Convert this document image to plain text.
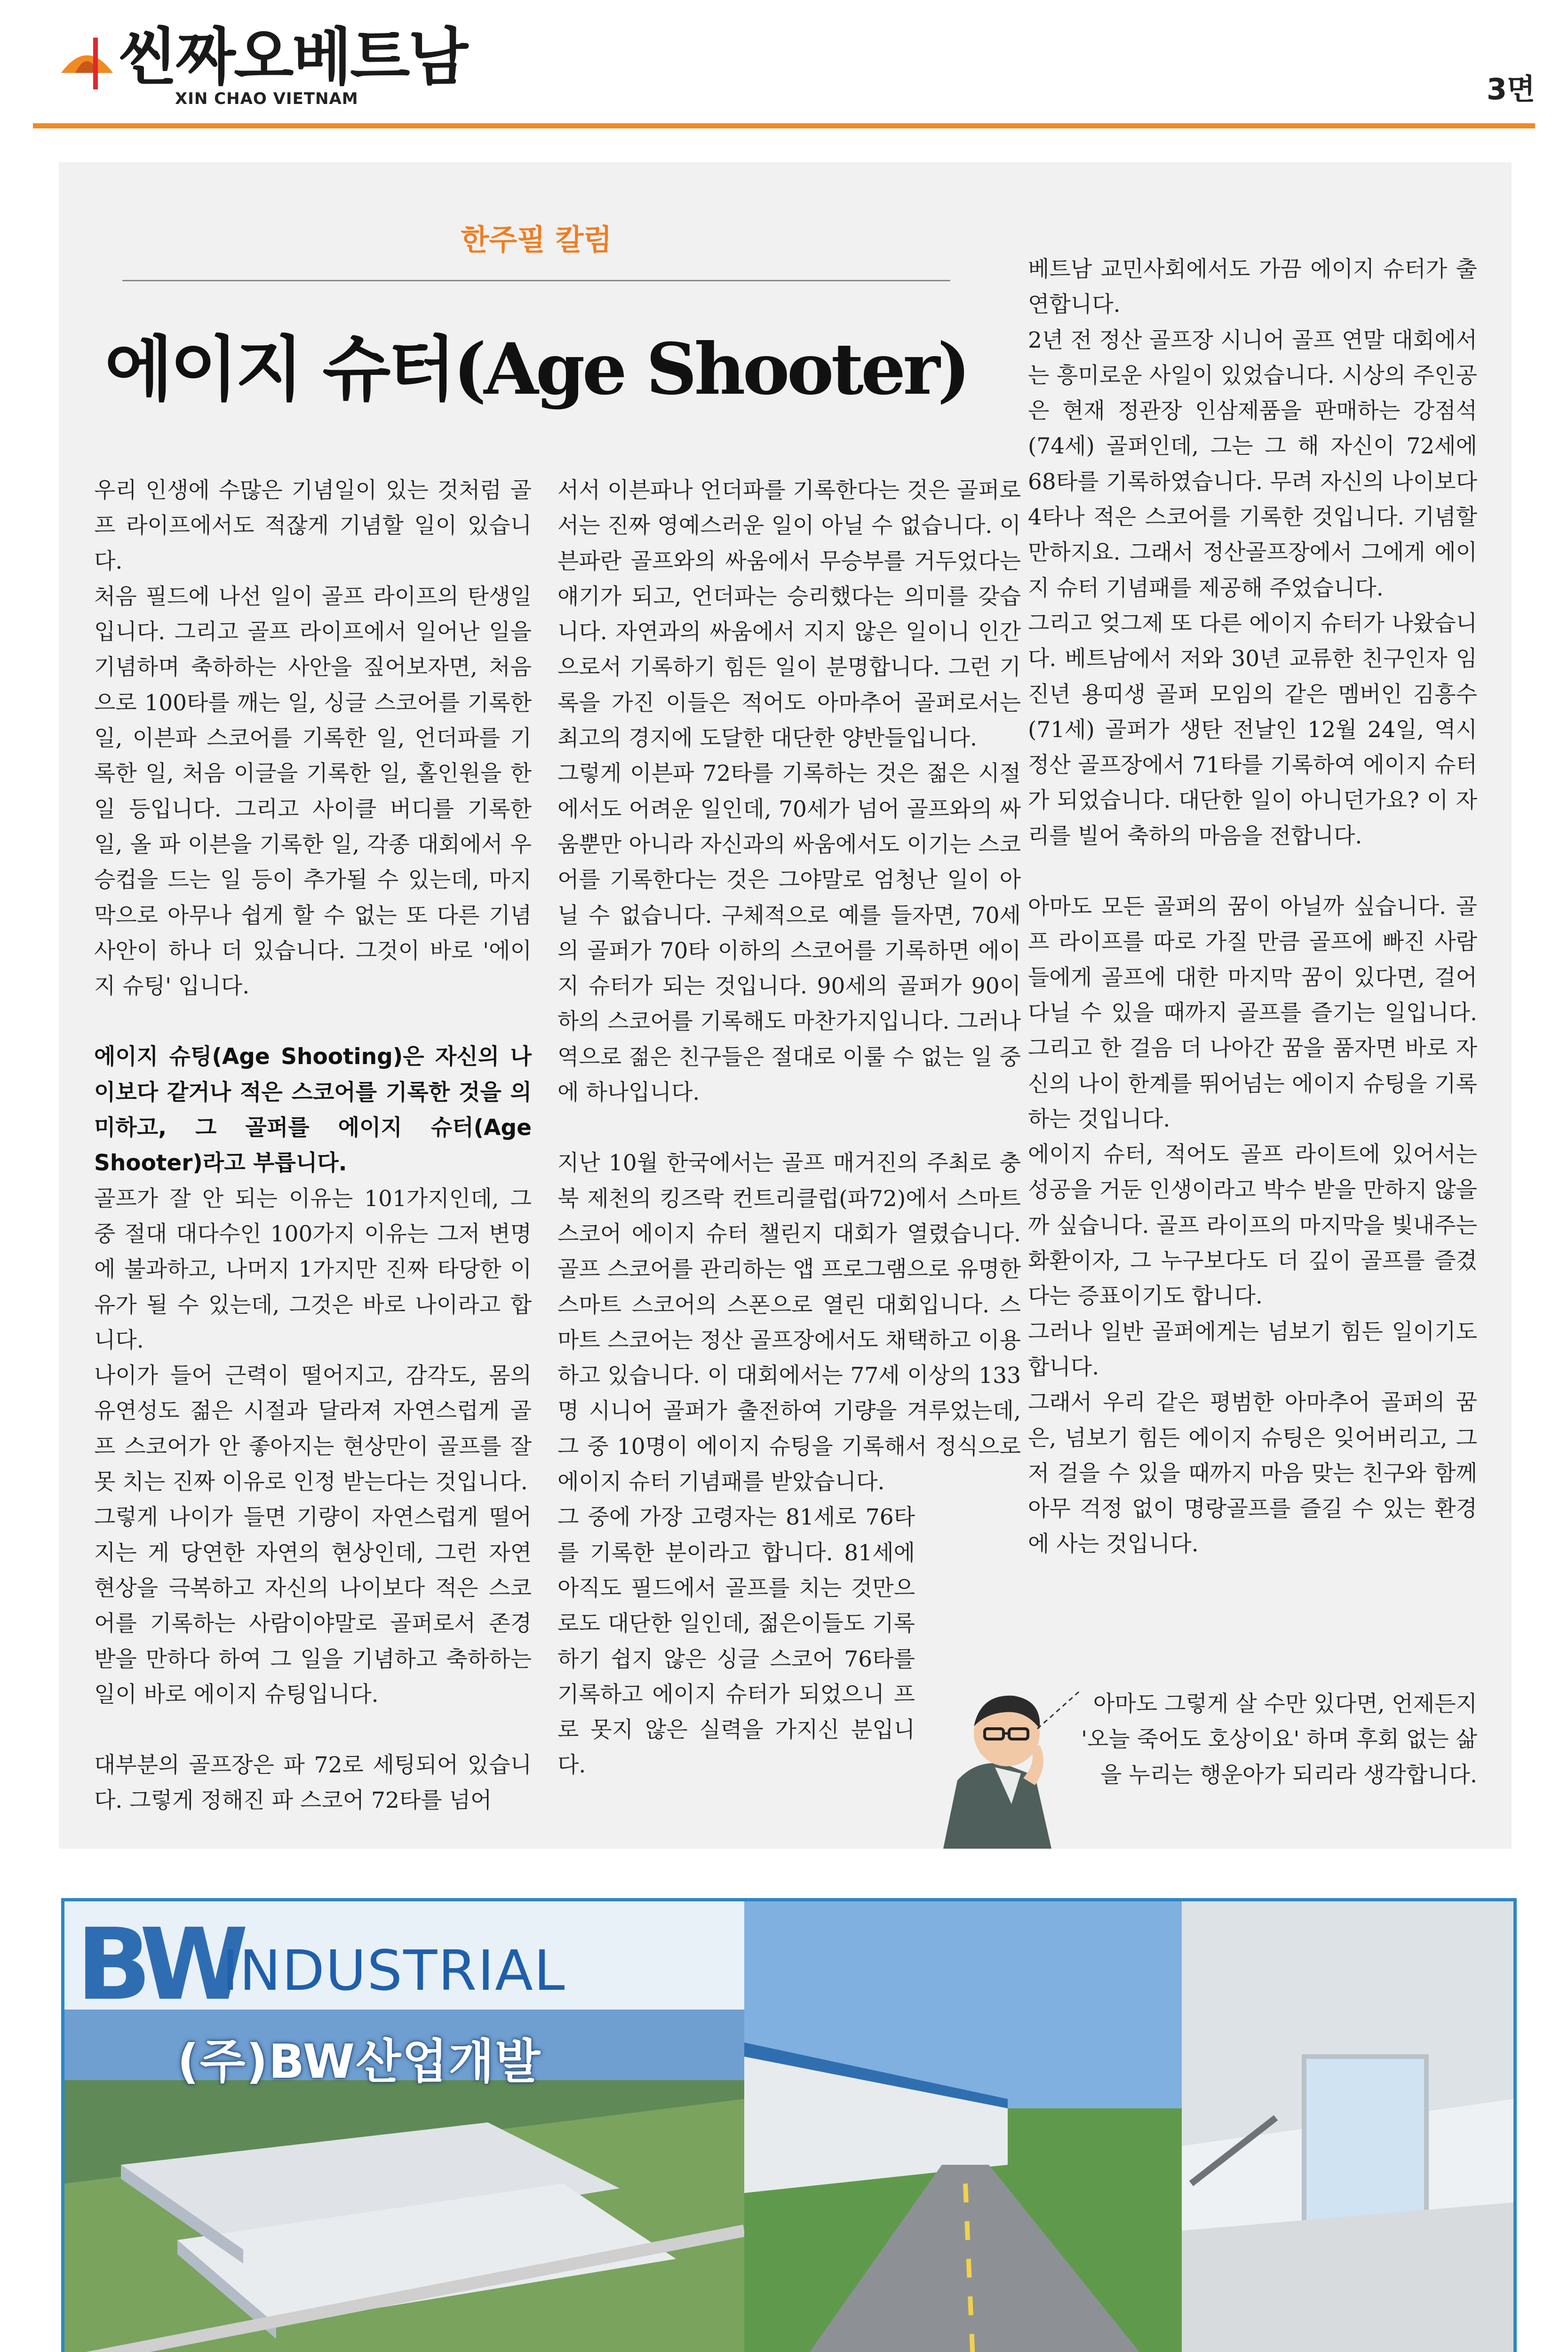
씬짜오베트남
XIN CHAO VIETNAM	3면
한주필 칼럼
에이지 슈터(Age Shooter)

우리 인생에 수많은 기념일이 있는 것처럼 골프 라이프에서도 적잖게 기념할 일이 있습니다.

처음 필드에 나선 일이 골프 라이프의 탄생일 입니다. 그리고 골프 라이프에서 일어난 일을 기념하며 축하하는 사안을 짚어보자면, 처음으로 100타를 깨는 일, 싱글 스코어를 기록한 일, 이븐파 스코어를 기록한 일, 언더파를 기록한 일, 처음 이글을 기록한 일, 홀인원을 한 일 등입니다. 그리고 사이클 버디를 기록한 일, 올 파 이븐을 기록한 일, 각종 대회에서 우승컵을 드는 일 등이 추가될 수 있는데, 마지막으로 아무나 쉽게 할 수 없는 또 다른 기념 사안이 하나 더 있습니다. 그것이 바로 '에이지 슈팅' 입니다.

에이지 슈팅(Age Shooting)은 자신의 나이보다 같거나 적은 스코어를 기록한 것을 의미하고, 그 골퍼를 에이지 슈터(Age Shooter)라고 부릅니다.

골프가 잘 안 되는 이유는 101가지인데, 그 중 절대 대다수인 100가지 이유는 그저 변명에 불과하고, 나머지 1가지만 진짜 타당한 이유가 될 수 있는데, 그것은 바로 나이라고 합니다.

나이가 들어 근력이 떨어지고, 감각도, 몸의 유연성도 젊은 시절과 달라져 자연스럽게 골프 스코어가 안 좋아지는 현상만이 골프를 잘못 치는 진짜 이유로 인정 받는다는 것입니다.

그렇게 나이가 들면 기량이 자연스럽게 떨어지는 게 당연한 자연의 현상인데, 그런 자연 현상을 극복하고 자신의 나이보다 적은 스코어를 기록하는 사람이야말로 골퍼로서 존경 받을 만하다 하여 그 일을 기념하고 축하하는 일이 바로 에이지 슈팅입니다.

대부분의 골프장은 파 72로 세팅되어 있습니다. 그렇게 정해진 파 스코어 72타를 넘어

서서 이븐파나 언더파를 기록한다는 것은 골퍼로서는 진짜 영예스러운 일이 아닐 수 없습니다. 이븐파란 골프와의 싸움에서 무승부를 거두었다는 얘기가 되고, 언더파는 승리했다는 의미를 갖습니다. 자연과의 싸움에서 지지 않은 일이니 인간으로서 기록하기 힘든 일이 분명합니다. 그런 기록을 가진 이들은 적어도 아마추어 골퍼로서는 최고의 경지에 도달한 대단한 양반들입니다.

그렇게 이븐파 72타를 기록하는 것은 젊은 시절에서도 어려운 일인데, 70세가 넘어 골프와의 싸움뿐만 아니라 자신과의 싸움에서도 이기는 스코어를 기록한다는 것은 그야말로 엄청난 일이 아닐 수 없습니다. 구체적으로 예를 들자면, 70세의 골퍼가 70타 이하의 스코어를 기록하면 에이지 슈터가 되는 것입니다. 90세의 골퍼가 90이하의 스코어를 기록해도 마찬가지입니다. 그러나 역으로 젊은 친구들은 절대로 이룰 수 없는 일 중에 하나입니다.

지난 10월 한국에서는 골프 매거진의 주최로 충북 제천의 킹즈락 컨트리클럽(파72)에서 스마트 스코어 에이지 슈터 챌린지 대회가 열렸습니다. 골프 스코어를 관리하는 앱 프로그램으로 유명한 스마트 스코어의 스폰으로 열린 대회입니다. 스마트 스코어는 정산 골프장에서도 채택하고 이용하고 있습니다. 이 대회에서는 77세 이상의 133명 시니어 골퍼가 출전하여 기량을 겨루었는데, 그 중 10명이 에이지 슈팅을 기록해서 정식으로 에이지 슈터 기념패를 받았습니다.

그 중에 가장 고령자는 81세로 76타를 기록한 분이라고 합니다. 81세에 아직도 필드에서 골프를 치는 것만으로도 대단한 일인데, 젊은이들도 기록하기 쉽지 않은 싱글 스코어 76타를 기록하고 에이지 슈터가 되었으니 프로 못지 않은 실력을 가지신 분입니다.

베트남 교민사회에서도 가끔 에이지 슈터가 출연합니다.

2년 전 정산 골프장 시니어 골프 연말 대회에서는 흥미로운 사일이 있었습니다. 시상의 주인공은 현재 정관장 인삼제품을 판매하는 강점석(74세) 골퍼인데, 그는 그 해 자신이 72세에 68타를 기록하였습니다. 무려 자신의 나이보다 4타나 적은 스코어를 기록한 것입니다. 기념할 만하지요. 그래서 정산골프장에서 그에게 에이지 슈터 기념패를 제공해 주었습니다.

그리고 엊그제 또 다른 에이지 슈터가 나왔습니다. 베트남에서 저와 30년 교류한 친구인자 임진년 용띠생 골퍼 모임의 같은 멤버인 김흥수(71세) 골퍼가 생탄 전날인 12월 24일, 역시 정산 골프장에서 71타를 기록하여 에이지 슈터가 되었습니다. 대단한 일이 아니던가요? 이 자리를 빌어 축하의 마음을 전합니다.

아마도 모든 골퍼의 꿈이 아닐까 싶습니다. 골프 라이프를 따로 가질 만큼 골프에 빠진 사람들에게 골프에 대한 마지막 꿈이 있다면, 걸어 다닐 수 있을 때까지 골프를 즐기는 일입니다. 그리고 한 걸음 더 나아간 꿈을 품자면 바로 자신의 나이 한계를 뛰어넘는 에이지 슈팅을 기록하는 것입니다.

에이지 슈터, 적어도 골프 라이트에 있어서는 성공을 거둔 인생이라고 박수 받을 만하지 않을까 싶습니다. 골프 라이프의 마지막을 빛내주는 화환이자, 그 누구보다도 더 깊이 골프를 즐겼다는 증표이기도 합니다.

그러나 일반 골퍼에게는 넘보기 힘든 일이기도 합니다.

그래서 우리 같은 평범한 아마추어 골퍼의 꿈은, 넘보기 힘든 에이지 슈팅은 잊어버리고, 그저 걸을 수 있을 때까지 마음 맞는 친구와 함께 아무 걱정 없이 명랑골프를 즐길 수 있는 환경에 사는 것입니다.

아마도 그렇게 살 수만 있다면, 언제든지 '오늘 죽어도 호상이요' 하며 후회 없는 삶을 누리는 행운아가 되리라 생각합니다.
BW
INDUSTRIAL
(주)BW산업개발
